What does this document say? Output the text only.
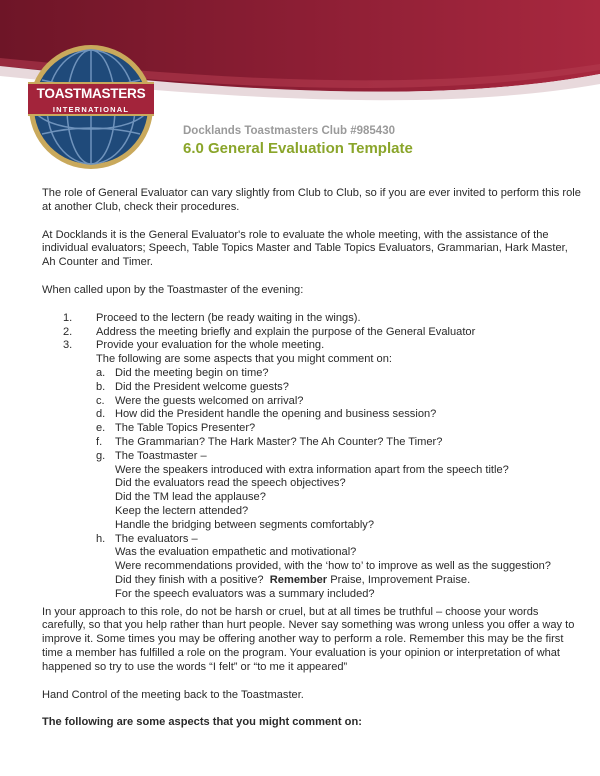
TOASTMASTERS
INTERNATIONAL
Docklands Toastmasters Club #985430
6.0 General Evaluation Template

The role of General Evaluator can vary slightly from Club to Club, so if you are ever invited to perform this role at another Club, check their procedures.

At Docklands it is the General Evaluator's role to evaluate the whole meeting, with the assistance of the individual evaluators; Speech, Table Topics Master and Table Topics Evaluators, Grammarian, Hark Master, Ah Counter and Timer.

When called upon by the Toastmaster of the evening:

1.	Proceed to the lectern (be ready waiting in the wings).
2.	Address the meeting briefly and explain the purpose of the General Evaluator
3.	Provide your evaluation for the whole meeting.
The following are some aspects that you might comment on:
a. Did the meeting begin on time?
b. Did the President welcome guests?
c. Were the guests welcomed on arrival?
d. How did the President handle the opening and business session?
e. The Table Topics Presenter?
f. The Grammarian? The Hark Master? The Ah Counter? The Timer?
g. The Toastmaster –
Were the speakers introduced with extra information apart from the speech title?
Did the evaluators read the speech objectives?
Did the TM lead the applause?
Keep the lectern attended?
Handle the bridging between segments comfortably?
h. The evaluators –
Was the evaluation empathetic and motivational?
Were recommendations provided, with the ‘how to’ to improve as well as the suggestion?
Did they finish with a positive? Remember Praise, Improvement Praise.
For the speech evaluators was a summary included?

In your approach to this role, do not be harsh or cruel, but at all times be truthful – choose your words carefully, so that you help rather than hurt people. Never say something was wrong unless you offer a way to improve it. Some times you may be offering another way to perform a role. Remember this may be the first time a member has fulfilled a role on the program. Your evaluation is your opinion or interpretation of what happened so try to use the words “I felt” or “to me it appeared”

Hand Control of the meeting back to the Toastmaster.

The following are some aspects that you might comment on:
